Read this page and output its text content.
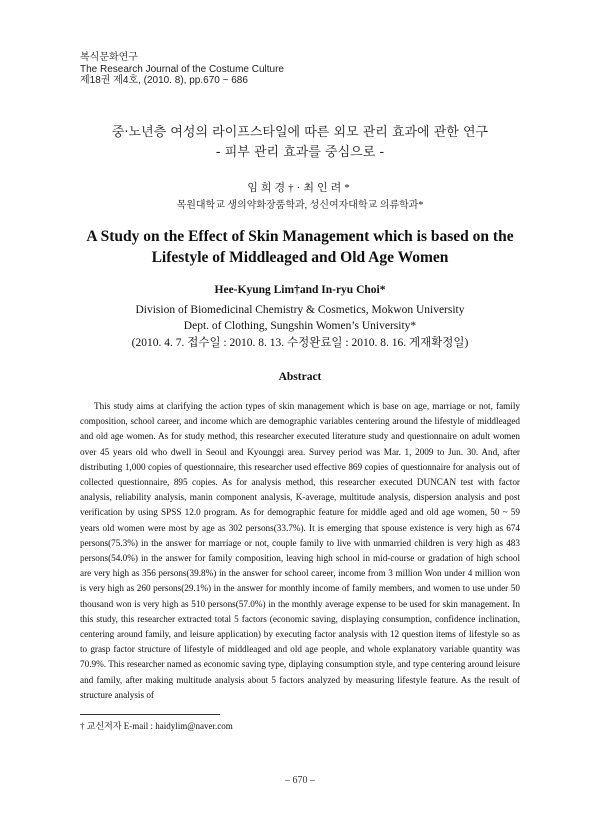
복식문화연구
The Research Journal of the Costume Culture
제18권 제4호, (2010. 8), pp.670 ~ 686
중·노년층 여성의 라이프스타일에 따른 외모 관리 효과에 관한 연구
- 피부 관리 효과를 중심으로 -
임희경†·최인려*
목원대학교 생의약화장품학과, 성신여자대학교 의류학과*
A Study on the Effect of Skin Management which is based on the
Lifestyle of Middleaged and Old Age Women
Hee-Kyung Lim†and In-ryu Choi*
Division of Biomedicinal Chemistry & Cosmetics, Mokwon University
Dept. of Clothing, Sungshin Women’s University*
(2010. 4. 7. 접수일 : 2010. 8. 13. 수정완료일 : 2010. 8. 16. 게재확정일)
Abstract

This study aims at clarifying the action types of skin management which is base on age, marriage or not, family composition, school career, and income which are demographic variables centering around the lifestyle of middleaged and old age women. As for study method, this researcher executed literature study and questionnaire on adult women over 45 years old who dwell in Seoul and Kyounggi area. Survey period was Mar. 1, 2009 to Jun. 30. And, after distributing 1,000 copies of questionnaire, this researcher used effective 869 copies of questionnaire for analysis out of collected questionnaire, 895 copies. As for analysis method, this researcher executed DUNCAN test with factor analysis, reliability analysis, manin component analysis, K-average, multitude analysis, dispersion analysis and post verification by using SPSS 12.0 program. As for demographic feature for middle aged and old age women, 50 ~ 59 years old women were most by age as 302 persons(33.7%). It is emerging that spouse existence is very high as 674 persons(75.3%) in the answer for marriage or not, couple family to live with unmarried children is very high as 483 persons(54.0%) in the answer for family composition, leaving high school in mid-course or gradation of high school are very high as 356 persons(39.8%) in the answer for school career, income from 3 million Won under 4 million won is very high as 260 persons(29.1%) in the answer for monthly income of family members, and women to use under 50 thousand won is very high as 510 persons(57.0%) in the monthly average expense to be used for skin management. In this study, this researcher extracted total 5 factors (economic saving, displaying consumption, confidence inclination, centering around family, and leisure application) by executing factor analysis with 12 question items of lifestyle so as to grasp factor structure of lifestyle of middleaged and old age people, and whole explanatory variable quantity was 70.9%. This researcher named as economic saving type, diplaying consumption style, and type centering around leisure and family, after making multitude analysis about 5 factors analyzed by measuring lifestyle feature. As the result of structure analysis of

† 교신저자 E-mail : haidylim@naver.com
– 670 –
